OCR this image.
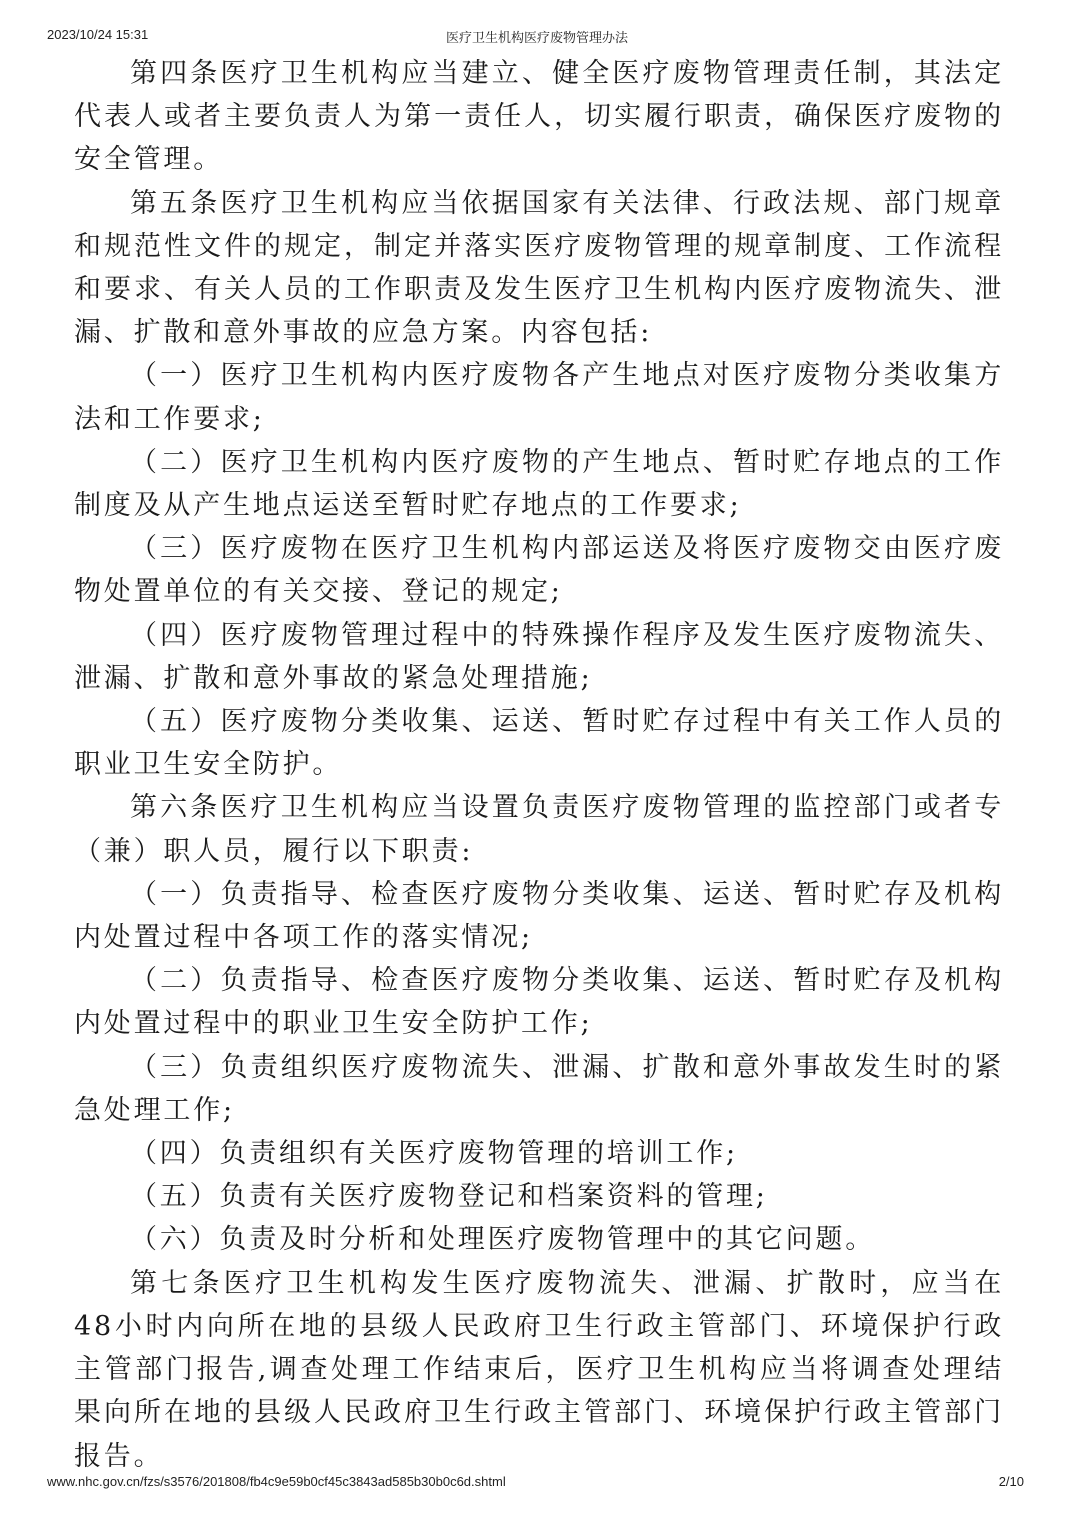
2023/10/24 15:31	医疗卫生机构医疗废物管理办法

第四条医疗卫生机构应当建立、健全医疗废物管理责任制，其法定代表人或者主要负责人为第一责任人，切实履行职责，确保医疗废物的安全管理。

第五条医疗卫生机构应当依据国家有关法律、行政法规、部门规章和规范性文件的规定，制定并落实医疗废物管理的规章制度、工作流程和要求、有关人员的工作职责及发生医疗卫生机构内医疗废物流失、泄漏、扩散和意外事故的应急方案。内容包括:

（一）医疗卫生机构内医疗废物各产生地点对医疗废物分类收集方法和工作要求;

（二）医疗卫生机构内医疗废物的产生地点、暂时贮存地点的工作制度及从产生地点运送至暂时贮存地点的工作要求;

（三）医疗废物在医疗卫生机构内部运送及将医疗废物交由医疗废物处置单位的有关交接、登记的规定;

（四）医疗废物管理过程中的特殊操作程序及发生医疗废物流失、泄漏、扩散和意外事故的紧急处理措施;

（五）医疗废物分类收集、运送、暂时贮存过程中有关工作人员的职业卫生安全防护。

第六条医疗卫生机构应当设置负责医疗废物管理的监控部门或者专（兼）职人员，履行以下职责:

（一）负责指导、检查医疗废物分类收集、运送、暂时贮存及机构内处置过程中各项工作的落实情况;

（二）负责指导、检查医疗废物分类收集、运送、暂时贮存及机构内处置过程中的职业卫生安全防护工作;

（三）负责组织医疗废物流失、泄漏、扩散和意外事故发生时的紧急处理工作;

（四）负责组织有关医疗废物管理的培训工作;

（五）负责有关医疗废物登记和档案资料的管理;

（六）负责及时分析和处理医疗废物管理中的其它问题。

第七条医疗卫生机构发生医疗废物流失、泄漏、扩散时，应当在48小时内向所在地的县级人民政府卫生行政主管部门、环境保护行政主管部门报告,调查处理工作结束后，医疗卫生机构应当将调查处理结果向所在地的县级人民政府卫生行政主管部门、环境保护行政主管部门报告。

www.nhc.gov.cn/fzs/s3576/201808/fb4c9e59b0cf45c3843ad585b30b0c6d.shtml	2/10
